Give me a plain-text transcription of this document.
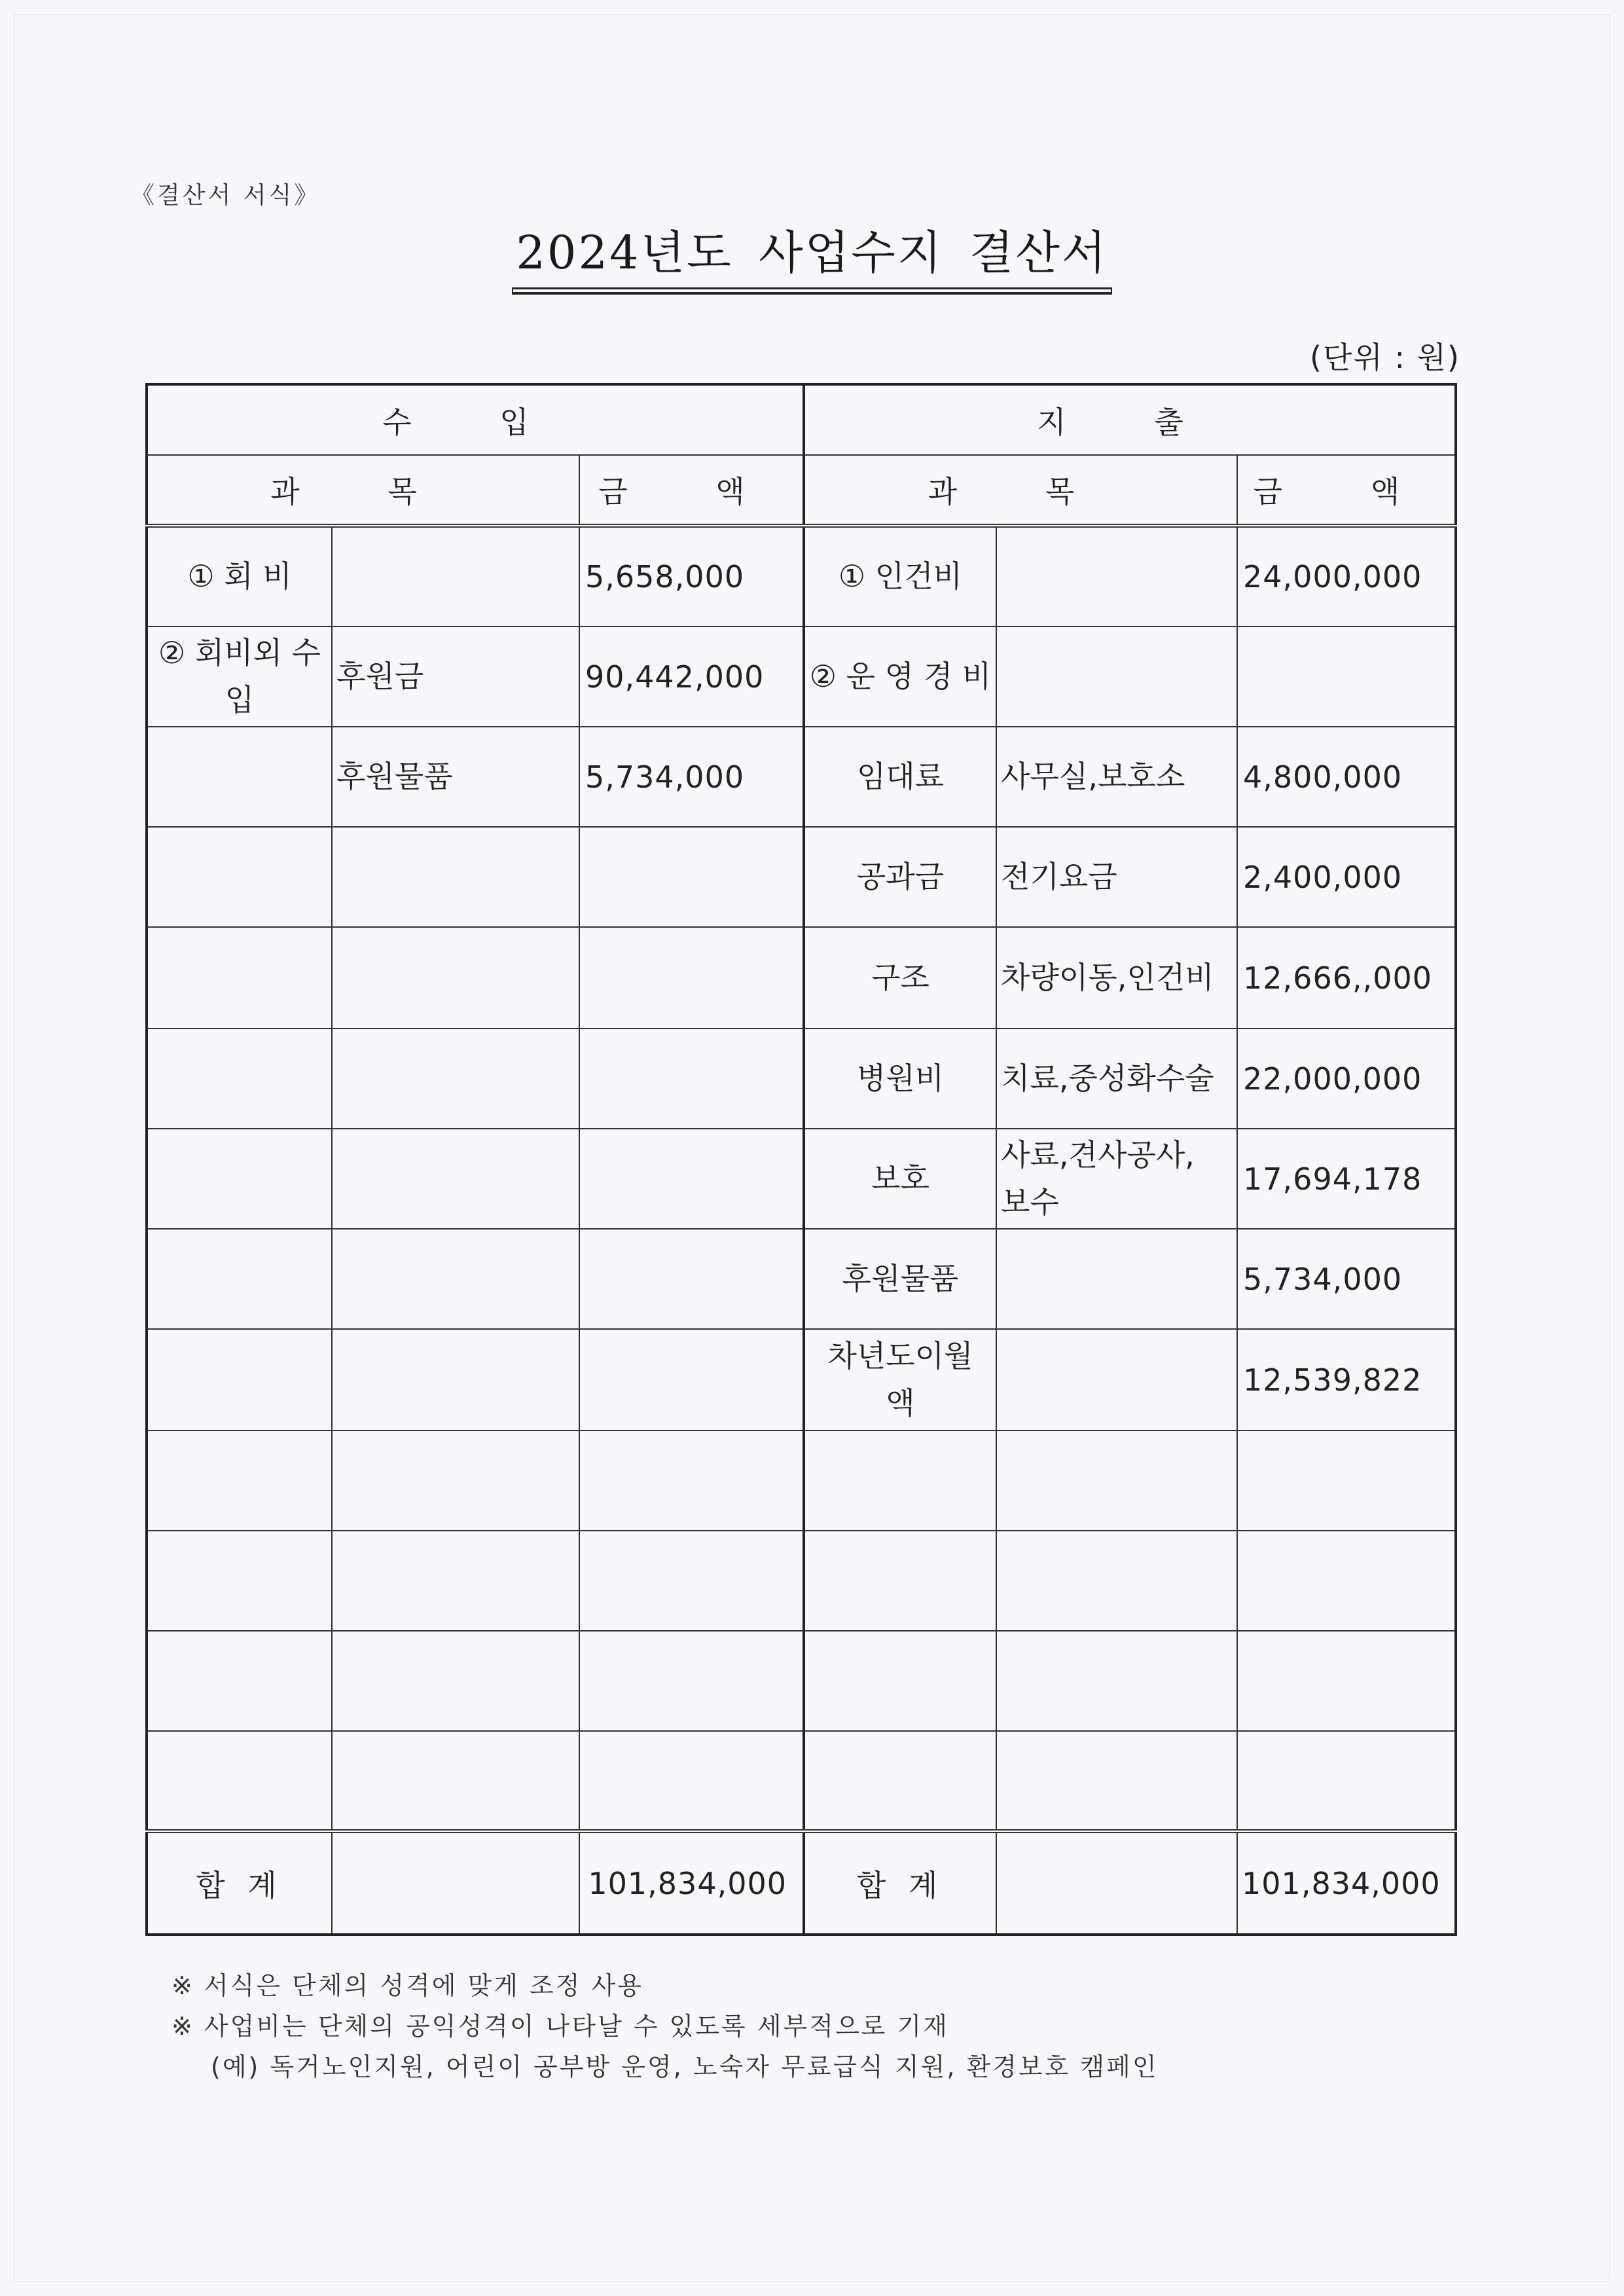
《결산서 서식》
2024년도 사업수지 결산서
(단위 : 원)
수 입			지 출		
과 목		금 액	과 목		금 액
① 회 비		5,658,000	① 인건비		24,000,000
② 회비외 수 입	후원금	90,442,000	② 운 영 경 비		
	후원물품	5,734,000	임대료	사무실,보호소	4,800,000
			공과금	전기요금	2,400,000
			구조	차량이동,인건비	12,666,,000
			병원비	치료,중성화수술	22,000,000
			보호	사료,견사공사, 보수	17,694,178
			후원물품		5,734,000
			차년도이월 액		12,539,822

합 계		101,834,000	합 계		101,834,000
※ 서식은 단체의 성격에 맞게 조정 사용
※ 사업비는 단체의 공익성격이 나타날 수 있도록 세부적으로 기재
(예) 독거노인지원, 어린이 공부방 운영, 노숙자 무료급식 지원, 환경보호 캠페인
